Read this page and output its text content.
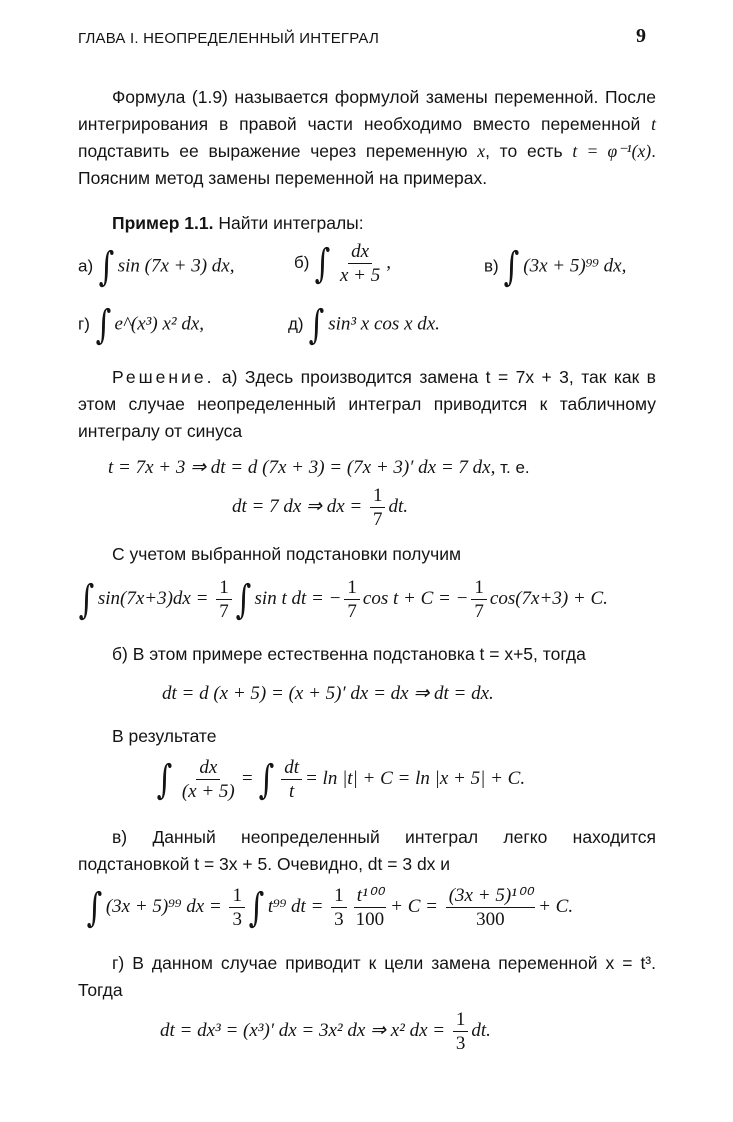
ГЛАВА I. НЕОПРЕДЕЛЕННЫЙ ИНТЕГРАЛ	9
Формула (1.9) называется формулой замены переменной. После интегрирования в правой части необходимо вместо переменной t подставить ее выражение через переменную x, то есть t = φ⁻¹(x). Поясним метод замены переменной на примерах.
Пример 1.1. Найти интегралы:
а) ∫ sin (7x + 3) dx,	б) ∫ $\frac{dx}{x + 5}$ ,	в) ∫ (3x + 5)⁹⁹ dx,
г) ∫ e^(x³) x² dx,	д) ∫ sin³ x cos x dx.
Решение. а) Здесь производится замена t = 7x + 3, так как в этом случае неопределенный интеграл приводится к табличному интегралу от синуса
t = 7x + 3 ⇒ dt = d (7x + 3) = (7x + 3)′ dx = 7 dx, т. е.
dt = 7 dx ⇒ dx = $\frac{1}{7}$ dt.
С учетом выбранной подстановки получим
∫ $\sin(7x+3)dx = \frac{1}{7}$ ∫ sin t dt = − $\frac{1}{7}$ cos t + C = − $\frac{1}{7} \cos(7x+3) + C$.
б) В этом примере естественна подстановка t = x+5, тогда
dt = d (x + 5) = (x + 5)′ dx = dx ⇒ dt = dx.
В результате
∫ $\frac{dx}{(x + 5)}$ = ∫ $\frac{dt}{t} = \ln |t| + C = \ln |x + 5| + C$.
в) Данный неопределенный интеграл легко находится подстановкой t = 3x + 5. Очевидно, dt = 3 dx и
∫ (3x + 5)⁹⁹ dx = $\frac{1}{3}$ ∫ t⁹⁹ dt = $\frac{1}{3} \frac{\text{t¹⁰⁰}}{100} + C = \frac{\text{(3x + 5)¹⁰⁰}}{300} + C$.
г) В данном случае приводит к цели замена переменной x = t³. Тогда
dt = dx³ = (x³)′ dx = 3x² dx ⇒ x² dx = $\frac{1}{3}$ dt.
